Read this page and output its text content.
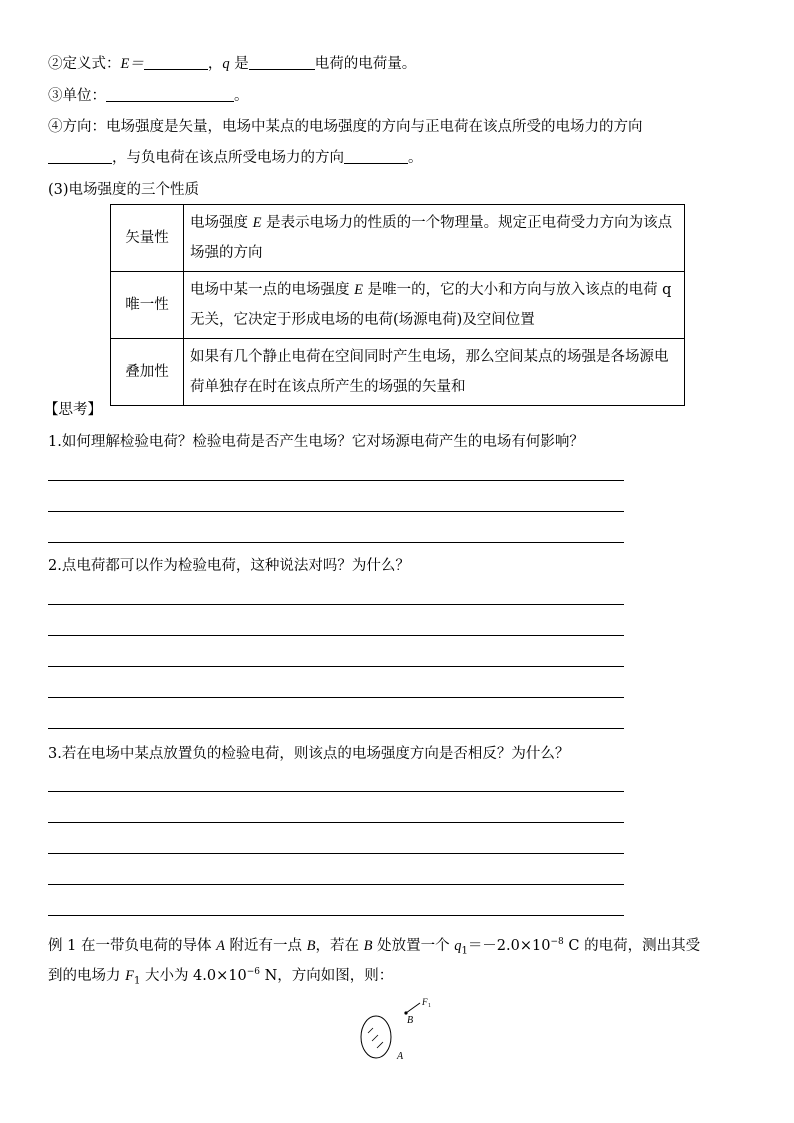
②定义式：E＝	，q 是	电荷的电荷量。
③单位：	。
④方向：电场强度是矢量，电场中某点的电场强度的方向与正电荷在该点所受的电场力的方向
，与负电荷在该点所受电场力的方向	。
(3)电场强度的三个性质
矢量性	电场强度 E 是表示电场力的性质的一个物理量。规定正电荷受力方向为该点场强的方向
唯一性	电场中某一点的电场强度 E 是唯一的，它的大小和方向与放入该点的电荷 q 无关，它决定于形成电场的电荷(场源电荷)及空间位置
叠加性	如果有几个静止电荷在空间同时产生电场，那么空间某点的场强是各场源电荷单独存在时在该点所产生的场强的矢量和
【思考】
1.如何理解检验电荷？检验电荷是否产生电场？它对场源电荷产生的电场有何影响？
2.点电荷都可以作为检验电荷，这种说法对吗？为什么？
3.若在电场中某点放置负的检验电荷，则该点的电场强度方向是否相反？为什么？
例 1 在一带负电荷的导体 A 附近有一点 B，若在 B 处放置一个 $q_1=-2.0\times 10^{-8}$ C 的电荷，测出其受
到的电场力 $F_1$ 大小为 $4.0\times 10^{-6}$ N，方向如图，则：
B
F 1
A
